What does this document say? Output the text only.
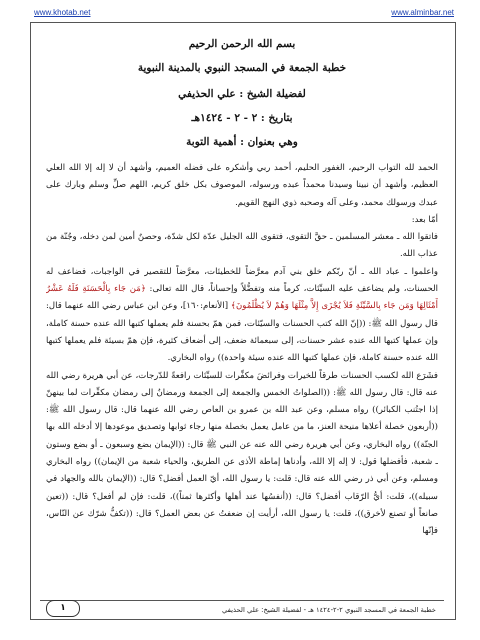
www.khotab.net	www.alminbar.net
بسم الله الرحمن الرحيم
خطبة الجمعة في المسجد النبوي بالمدينة النبوية
لفضيلة الشيخ : علي الحذيفي
بتاريخ : ٢ - ٢ - ١٤٢٤هـ
وهي بعنوان : أهمية التوبة

الحمد لله التواب الرحيم، الغفور الحليم، أحمد ربي وأشكره على فضله العميم، وأشهد أن لا إله إلا الله العلي العظيم، وأشهد أن نبينا وسيدنا محمداً عبده ورسوله، الموصوف بكل خلق كريم، اللهم صلِّ وسلم وبارك على عبدك ورسولك محمد، وعلى آله وصحبه ذوي النهج القويم.

أمّا بعد:

فاتقوا الله ـ معشر المسلمين ـ حقَّ التقوى، فتقوى الله الجليل عدّة لكل شدّة، وحصنٌ أمين لمن دخله، وجُنّة من عذاب الله.

واعلموا ـ عباد الله ـ أنّ ربّكم خلق بني آدم معرَّضاً للخطيئات، معرَّضاً للتقصير في الواجبات، فضاعف له الحسنات، ولم يضاعف عليه السيِّئات، كرماً منه وتفضُّلاً وإحساناً، قال الله تعالى: ﴿مَن جَاء بِالْحَسَنَةِ فَلَهُ عَشْرُ أَمْثَالِهَا وَمَن جَاء بِالسَّيِّئَةِ فَلاَ يُجْزَى إِلاَّ مِثْلَهَا وَهُمْ لاَ يُظْلَمُونَ﴾ [الأنعام:١٦٠]، وعن ابن عباس رضي الله عنهما قال: قال رسول الله ﷺ: ((إنّ الله كتب الحسنات والسيّئات، فمن همّ بحسنة فلم يعملها كتبها الله عنده حسنة كاملة، وإن عملها كتبها الله عنده عشر حسنات، إلى سبعمائة ضعف، إلى أضعاف كثيرة، فإن همّ بسيئة فلم يعملها كتبها الله عنده حسنة كاملة، فإن عملها كتبها الله عنده سيئة واحدة)) رواه البخاري.

فشَرَع الله لكسب الحسنات طرقاً للخيرات وفرائضَ مكفِّرات للسيِّئات رافعةً للدّرجات، عن أبي هريرة رضي الله عنه قال: قال رسول الله ﷺ: ((الصلواتُ الخمس والجمعة إلى الجمعة ورمضانُ إلى رمضان مكفِّرات لما بينهنّ إذا اجتُنب الكبائر)) رواه مسلم، وعن عبد الله بن عمرو بن العاص رضي الله عنهما قال: قال رسول الله ﷺ: ((أربعون خصلة أعلاها منيحة العنز، ما من عامل يعمل بخصلة منها رجاء ثوابها وتصديق موعودها إلا أدخله الله بها الجنّة)) رواه البخاري، وعن أبي هريرة رضي الله عنه عن النبي ﷺ قال: ((الإيمان بضع وسبعون ـ أو بضع وستون ـ شعبة، فأفضلها قول: لا إله إلا الله، وأدناها إماطة الأذى عن الطريق، والحياء شعبة من الإيمان)) رواه البخاري ومسلم، وعن أبي ذر رضي الله عنه قال: قلت: يا رسول الله، أيّ العمل أفضل؟ قال: ((الإيمان بالله والجهاد في سبيله))، قلت: أيُّ الرّقاب أفضل؟ قال: ((أنفسُها عند أهلها وأكثرها ثمناً))، قلت: فإن لم أفعل؟ قال: ((تعين صانعاً أو تصنع لأخرق))، قلت: يا رسول الله، أرأيت إن ضعفتُ عن بعض العمل؟ قال: ((تكفُّ شرّك عن النّاس، فإنّها

خطبة الجمعة في المسجد النبوي ٢-٢-١٤٢٤ هـ - لفضيلة الشيخ: علي الحذيفي
١
